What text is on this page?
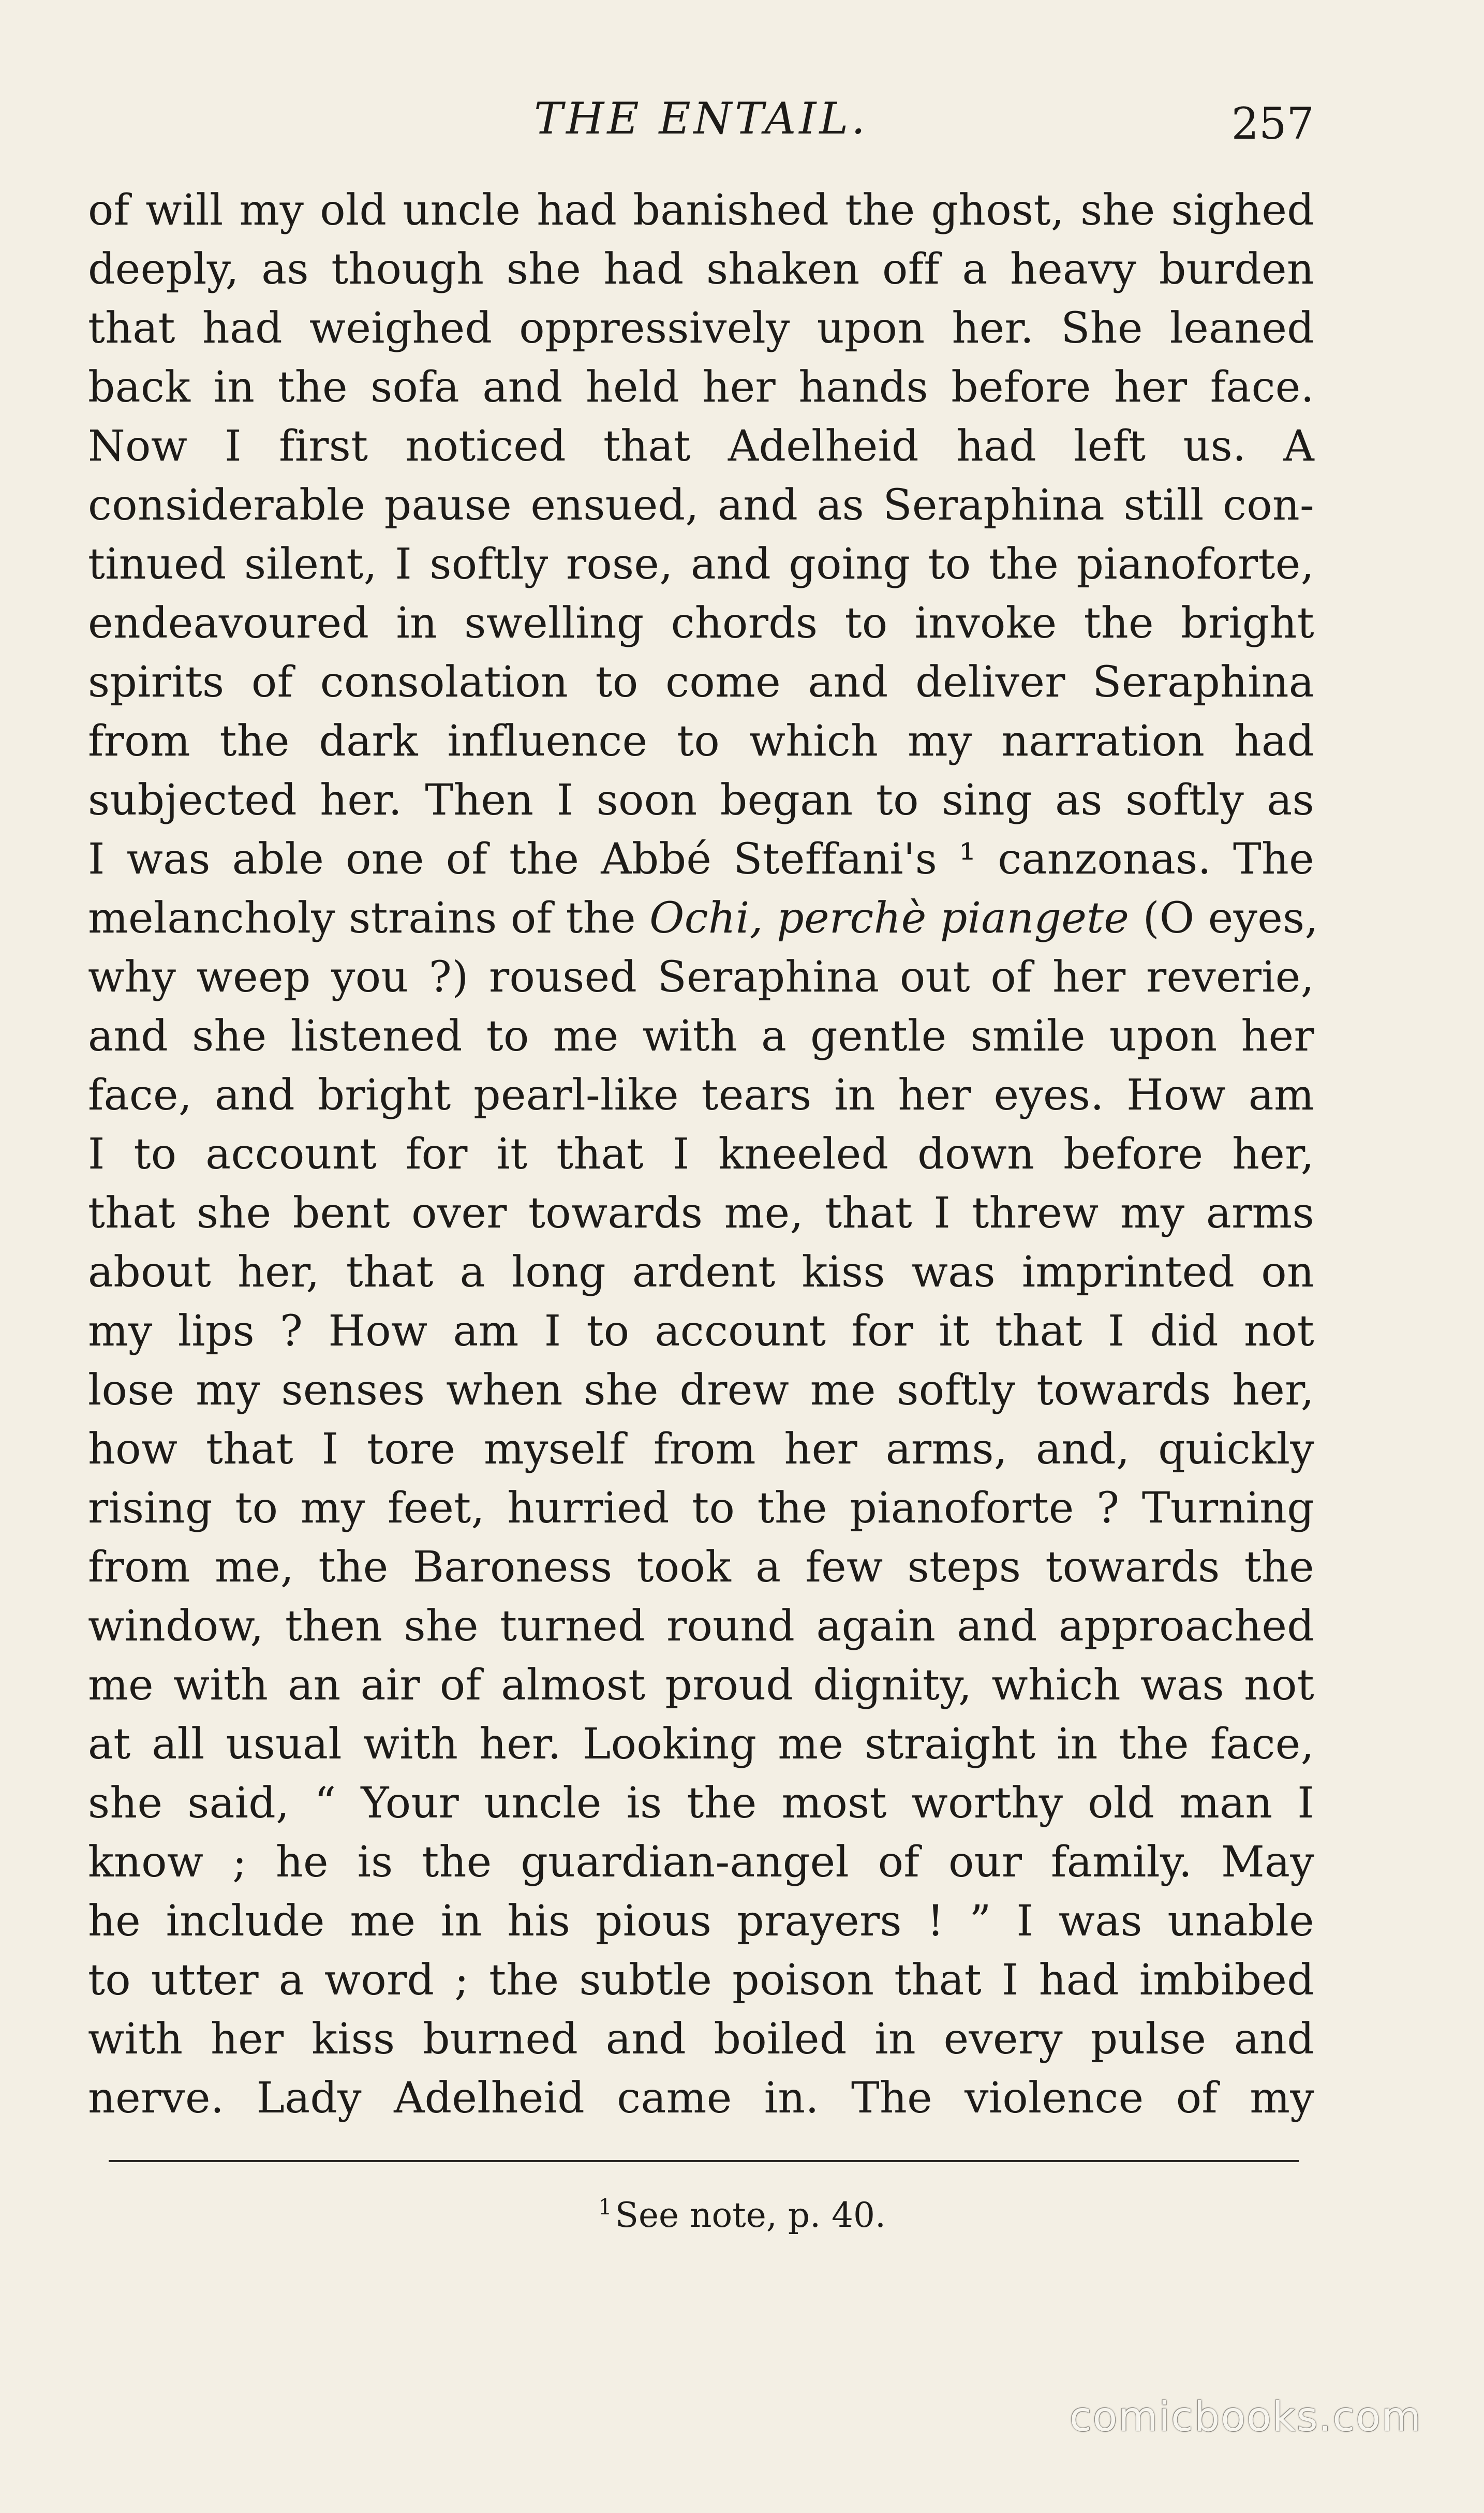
THE ENTAIL.	257
of will my old uncle had banished the ghost, she sighed
deeply, as though she had shaken off a heavy burden
that had weighed oppressively upon her. She leaned
back in the sofa and held her hands before her face.
Now I first noticed that Adelheid had left us. A
considerable pause ensued, and as Seraphina still con-
tinued silent, I softly rose, and going to the pianoforte,
endeavoured in swelling chords to invoke the bright
spirits of consolation to come and deliver Seraphina
from the dark influence to which my narration had
subjected her. Then I soon began to sing as softly as
I was able one of the Abbé Steffani's ¹ canzonas. The
melancholy strains of the Ochi, perchè piangete (O eyes,
why weep you ?) roused Seraphina out of her reverie,
and she listened to me with a gentle smile upon her
face, and bright pearl-like tears in her eyes. How am
I to account for it that I kneeled down before her,
that she bent over towards me, that I threw my arms
about her, that a long ardent kiss was imprinted on
my lips ? How am I to account for it that I did not
lose my senses when she drew me softly towards her,
how that I tore myself from her arms, and, quickly
rising to my feet, hurried to the pianoforte ? Turning
from me, the Baroness took a few steps towards the
window, then she turned round again and approached
me with an air of almost proud dignity, which was not
at all usual with her. Looking me straight in the face,
she said, “ Your uncle is the most worthy old man I
know ; he is the guardian-angel of our family. May
he include me in his pious prayers ! ” I was unable
to utter a word ; the subtle poison that I had imbibed
with her kiss burned and boiled in every pulse and
nerve. Lady Adelheid came in. The violence of my
$^1$See note, p. 40.
comicbooks.com
